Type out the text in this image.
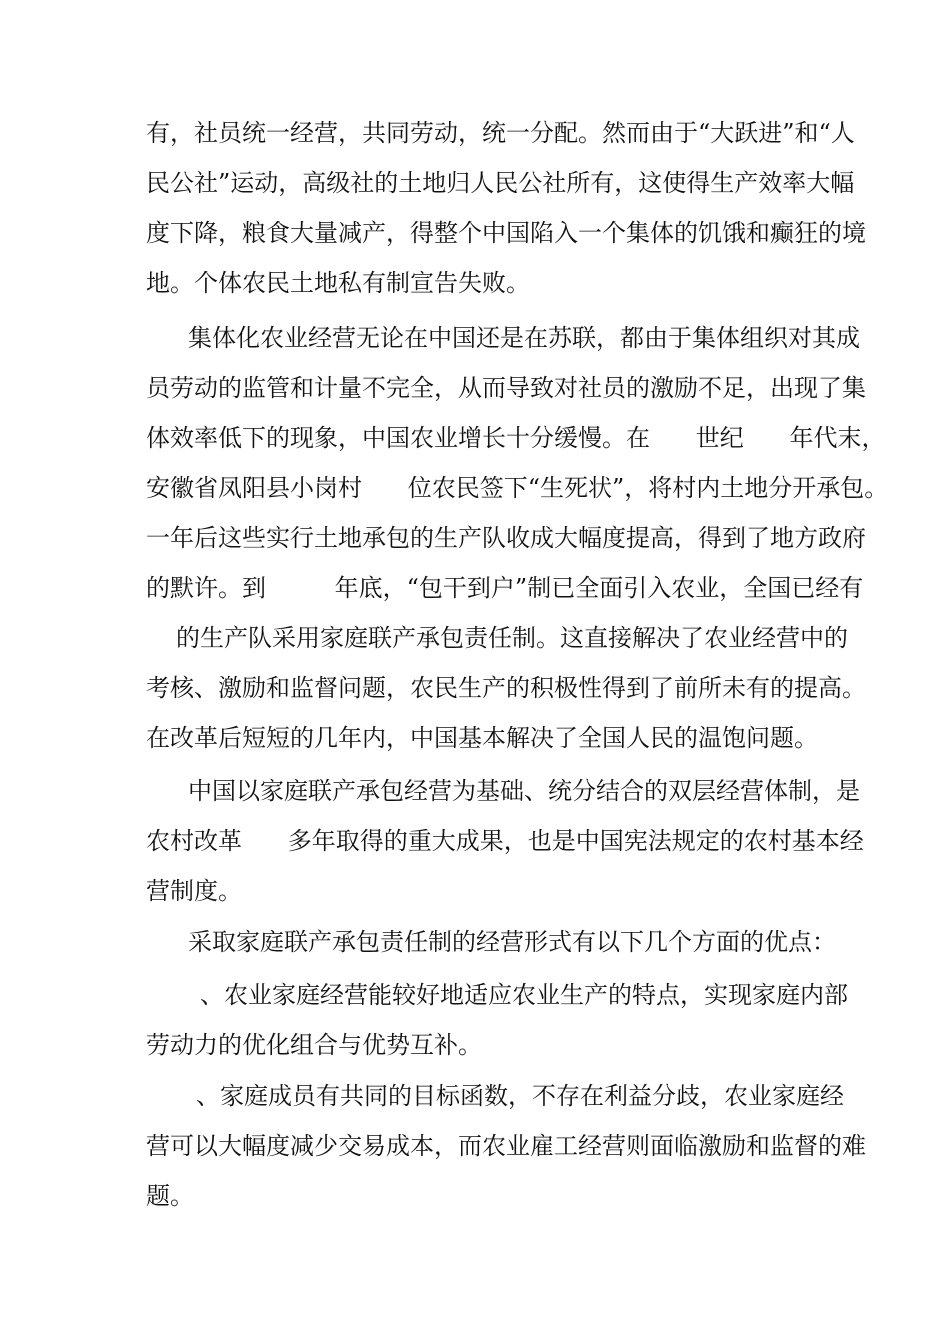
有，社员统一经营，共同劳动，统一分配。然而由于“大跃进”和“人
民公社”运动，高级社的土地归人民公社所有，这使得生产效率大幅
度下降，粮食大量减产，得整个中国陷入一个集体的饥饿和癫狂的境
地。个体农民土地私有制宣告失败。
集体化农业经营无论在中国还是在苏联，都由于集体组织对其成
员劳动的监管和计量不完全，从而导致对社员的激励不足，出现了集
体效率低下的现象，中国农业增长十分缓慢。在      世纪      年代末，
安徽省凤阳县小岗村      位农民签下“生死状”，将村内土地分开承包。
一年后这些实行土地承包的生产队收成大幅度提高，得到了地方政府
的默许。到         年底，“包干到户”制已全面引入农业，全国已经有
的生产队采用家庭联产承包责任制。这直接解决了农业经营中的
考核、激励和监督问题，农民生产的积极性得到了前所未有的提高。
在改革后短短的几年内，中国基本解决了全国人民的温饱问题。
中国以家庭联产承包经营为基础、统分结合的双层经营体制，是
农村改革      多年取得的重大成果，也是中国宪法规定的农村基本经
营制度。
采取家庭联产承包责任制的经营形式有以下几个方面的优点：
、农业家庭经营能较好地适应农业生产的特点，实现家庭内部
劳动力的优化组合与优势互补。
、家庭成员有共同的目标函数，不存在利益分歧，农业家庭经
营可以大幅度减少交易成本，而农业雇工经营则面临激励和监督的难
题。
